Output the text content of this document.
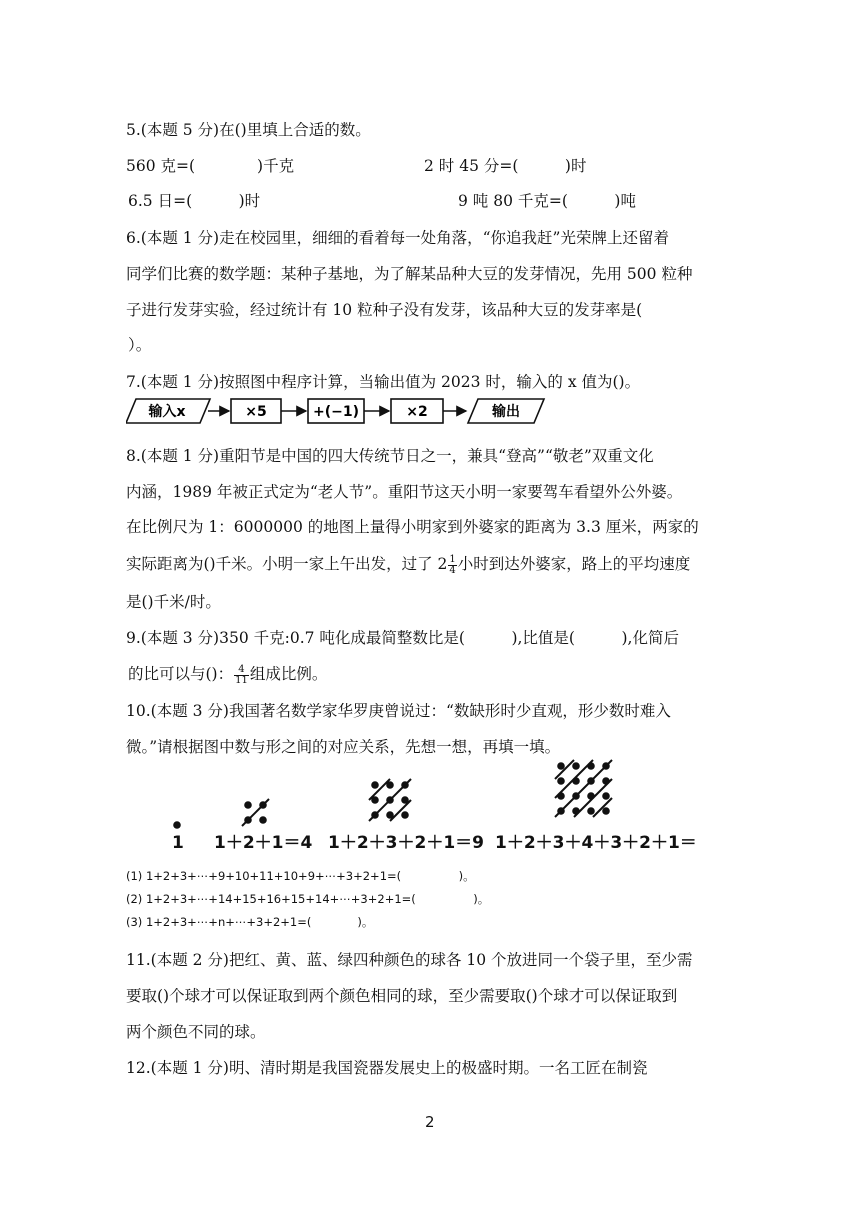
5.(本题 5 分)在()里填上合适的数。
560 克=(　　　　)千克	2 时 45 分=(　　　)时
6.5 日=(　　　)时	9 吨 80 千克=(　　　)吨
6.(本题 1 分)走在校园里，细细的看着每一处角落，“你追我赶”光荣牌上还留着
同学们比赛的数学题：某种子基地，为了解某品种大豆的发芽情况，先用 500 粒种
子进行发芽实验，经过统计有 10 粒种子没有发芽，该品种大豆的发芽率是(
）。
7.(本题 1 分)按照图中程序计算，当输出值为 2023 时，输入的 x 值为()。
输入x	×5	+(−1)	×2	输出
8.(本题 1 分)重阳节是中国的四大传统节日之一，兼具“登高”“敬老”双重文化
内涵，1989 年被正式定为“老人节”。重阳节这天小明一家要驾车看望外公外婆。
在比例尺为 1：6000000 的地图上量得小明家到外婆家的距离为 3.3 厘米，两家的
实际距离为()千米。小明一家上午出发，过了 $2 \frac{1}{4}$ 小时到达外婆家，路上的平均速度
是()千米/时。
9.(本题 3 分)350 千克:0.7 吨化成最简整数比是(　　　),比值是(　　　),化简后
的比可以与()： $\frac{4}{11}$ 组成比例。
10.(本题 3 分)我国著名数学家华罗庚曾说过：“数缺形时少直观，形少数时难入
微。”请根据图中数与形之间的对应关系，先想一想，再填一填。
1 1＋2＋1＝4 1＋2＋3＋2＋1＝9 1＋2＋3＋4＋3＋2＋1＝
(1) 1+2+3+⋯+9+10+11+10+9+⋯+3+2+1=(　　　　　)。
(2) 1+2+3+⋯+14+15+16+15+14+⋯+3+2+1=(　　　　　)。
(3) 1+2+3+⋯+n+⋯+3+2+1=(　　　　)。
11.(本题 2 分)把红、黄、蓝、绿四种颜色的球各 10 个放进同一个袋子里，至少需
要取()个球才可以保证取到两个颜色相同的球，至少需要取()个球才可以保证取到
两个颜色不同的球。
12.(本题 1 分)明、清时期是我国瓷器发展史上的极盛时期。一名工匠在制瓷
2
